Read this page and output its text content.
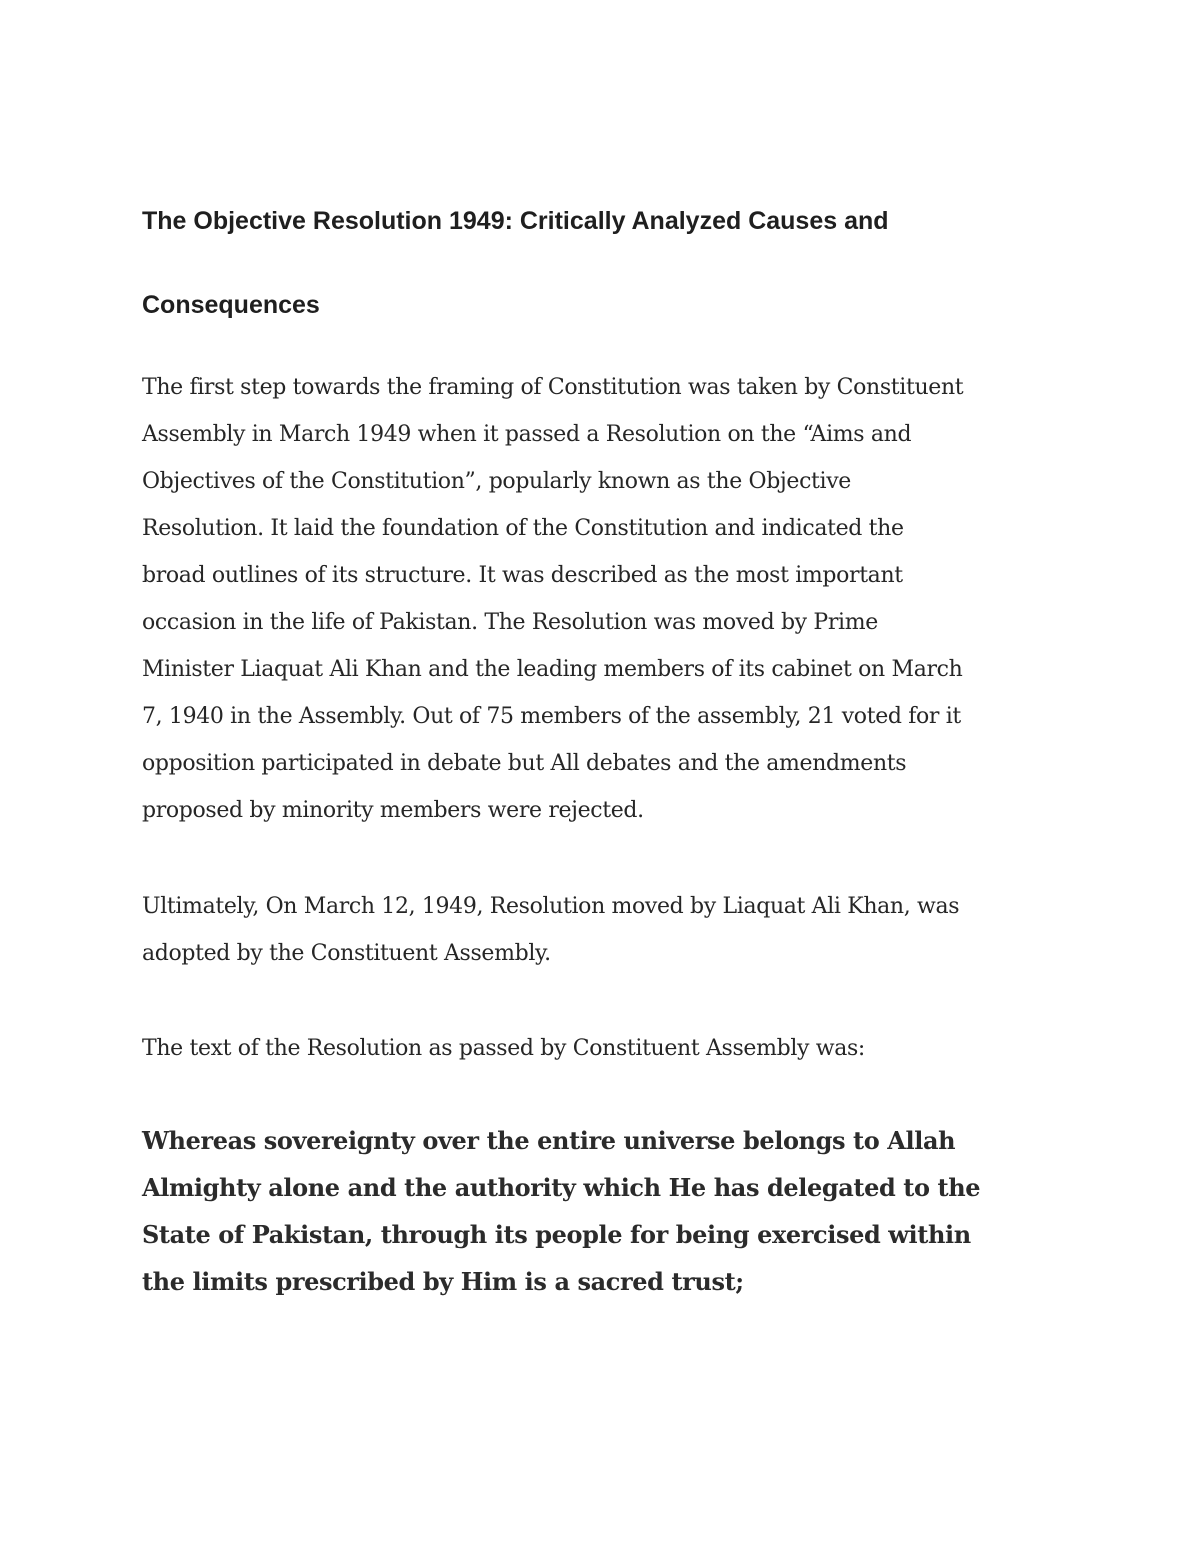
The Objective Resolution 1949: Critically Analyzed Causes and
Consequences

The first step towards the framing of Constitution was taken by Constituent
Assembly in March 1949 when it passed a Resolution on the “Aims and
Objectives of the Constitution”, popularly known as the Objective
Resolution. It laid the foundation of the Constitution and indicated the
broad outlines of its structure. It was described as the most important
occasion in the life of Pakistan. The Resolution was moved by Prime
Minister Liaquat Ali Khan and the leading members of its cabinet on March
7, 1940 in the Assembly. Out of 75 members of the assembly, 21 voted for it
opposition participated in debate but All debates and the amendments
proposed by minority members were rejected.

Ultimately, On March 12, 1949, Resolution moved by Liaquat Ali Khan, was
adopted by the Constituent Assembly.

The text of the Resolution as passed by Constituent Assembly was:

Whereas sovereignty over the entire universe belongs to Allah
Almighty alone and the authority which He has delegated to the
State of Pakistan, through its people for being exercised within
the limits prescribed by Him is a sacred trust;
